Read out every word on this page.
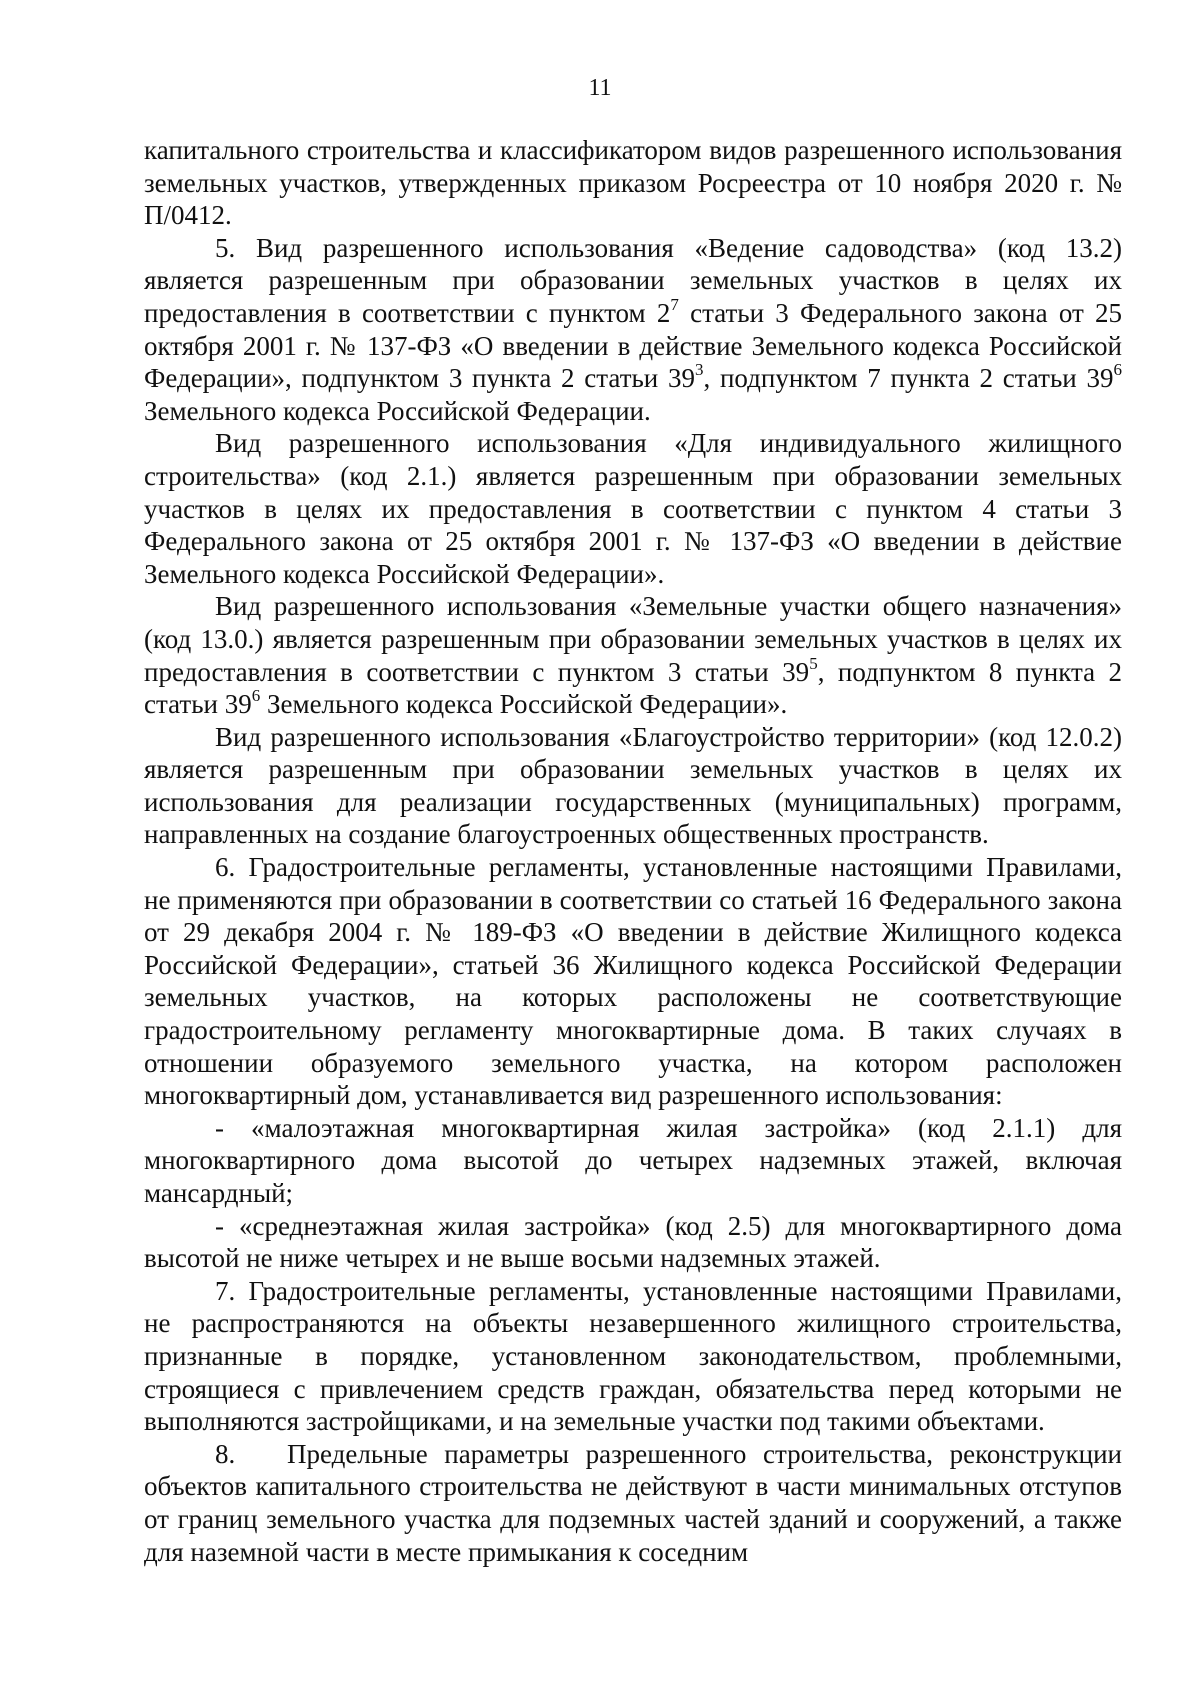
11

капитального строительства и классификатором видов разрешенного использования земельных участков, утвержденных приказом Росреестра от 10 ноября 2020 г. № П/0412.

5. Вид разрешенного использования «Ведение садоводства» (код 13.2) является разрешенным при образовании земельных участков в целях их предоставления в соответствии с пунктом $2^7$ статьи 3 Федерального закона от 25 октября 2001 г. № 137-ФЗ «О введении в действие Земельного кодекса Российской Федерации», подпунктом 3 пункта 2 статьи $39^3$, подпунктом 7 пункта 2 статьи $39^6$ Земельного кодекса Российской Федерации.

Вид разрешенного использования «Для индивидуального жилищного строительства» (код 2.1.) является разрешенным при образовании земельных участков в целях их предоставления в соответствии с пунктом 4 статьи 3 Федерального закона от 25 октября 2001 г. № 137-ФЗ «О введении в действие Земельного кодекса Российской Федерации».

Вид разрешенного использования «Земельные участки общего назначения» (код 13.0.) является разрешенным при образовании земельных участков в целях их предоставления в соответствии с пунктом 3 статьи $39^5$, подпунктом 8 пункта 2 статьи $39^6$ Земельного кодекса Российской Федерации».

Вид разрешенного использования «Благоустройство территории» (код 12.0.2) является разрешенным при образовании земельных участков в целях их использования для реализации государственных (муниципальных) программ, направленных на создание благоустроенных общественных пространств.

6. Градостроительные регламенты, установленные настоящими Правилами, не применяются при образовании в соответствии со статьей 16 Федерального закона от 29 декабря 2004 г. № 189-ФЗ «О введении в действие Жилищного кодекса Российской Федерации», статьей 36 Жилищного кодекса Российской Федерации земельных участков, на которых расположены не соответствующие градостроительному регламенту многоквартирные дома. В таких случаях в отношении образуемого земельного участка, на котором расположен многоквартирный дом, устанавливается вид разрешенного использования:

- «малоэтажная многоквартирная жилая застройка» (код 2.1.1) для многоквартирного дома высотой до четырех надземных этажей, включая мансардный;

- «среднеэтажная жилая застройка» (код 2.5) для многоквартирного дома высотой не ниже четырех и не выше восьми надземных этажей.

7. Градостроительные регламенты, установленные настоящими Правилами, не распространяются на объекты незавершенного жилищного строительства, признанные в порядке, установленном законодательством, проблемными, строящиеся с привлечением средств граждан, обязательства перед которыми не выполняются застройщиками, и на земельные участки под такими объектами.

8. Предельные параметры разрешенного строительства, реконструкции объектов капитального строительства не действуют в части минимальных отступов от границ земельного участка для подземных частей зданий и сооружений, а также для наземной части в месте примыкания к соседним
